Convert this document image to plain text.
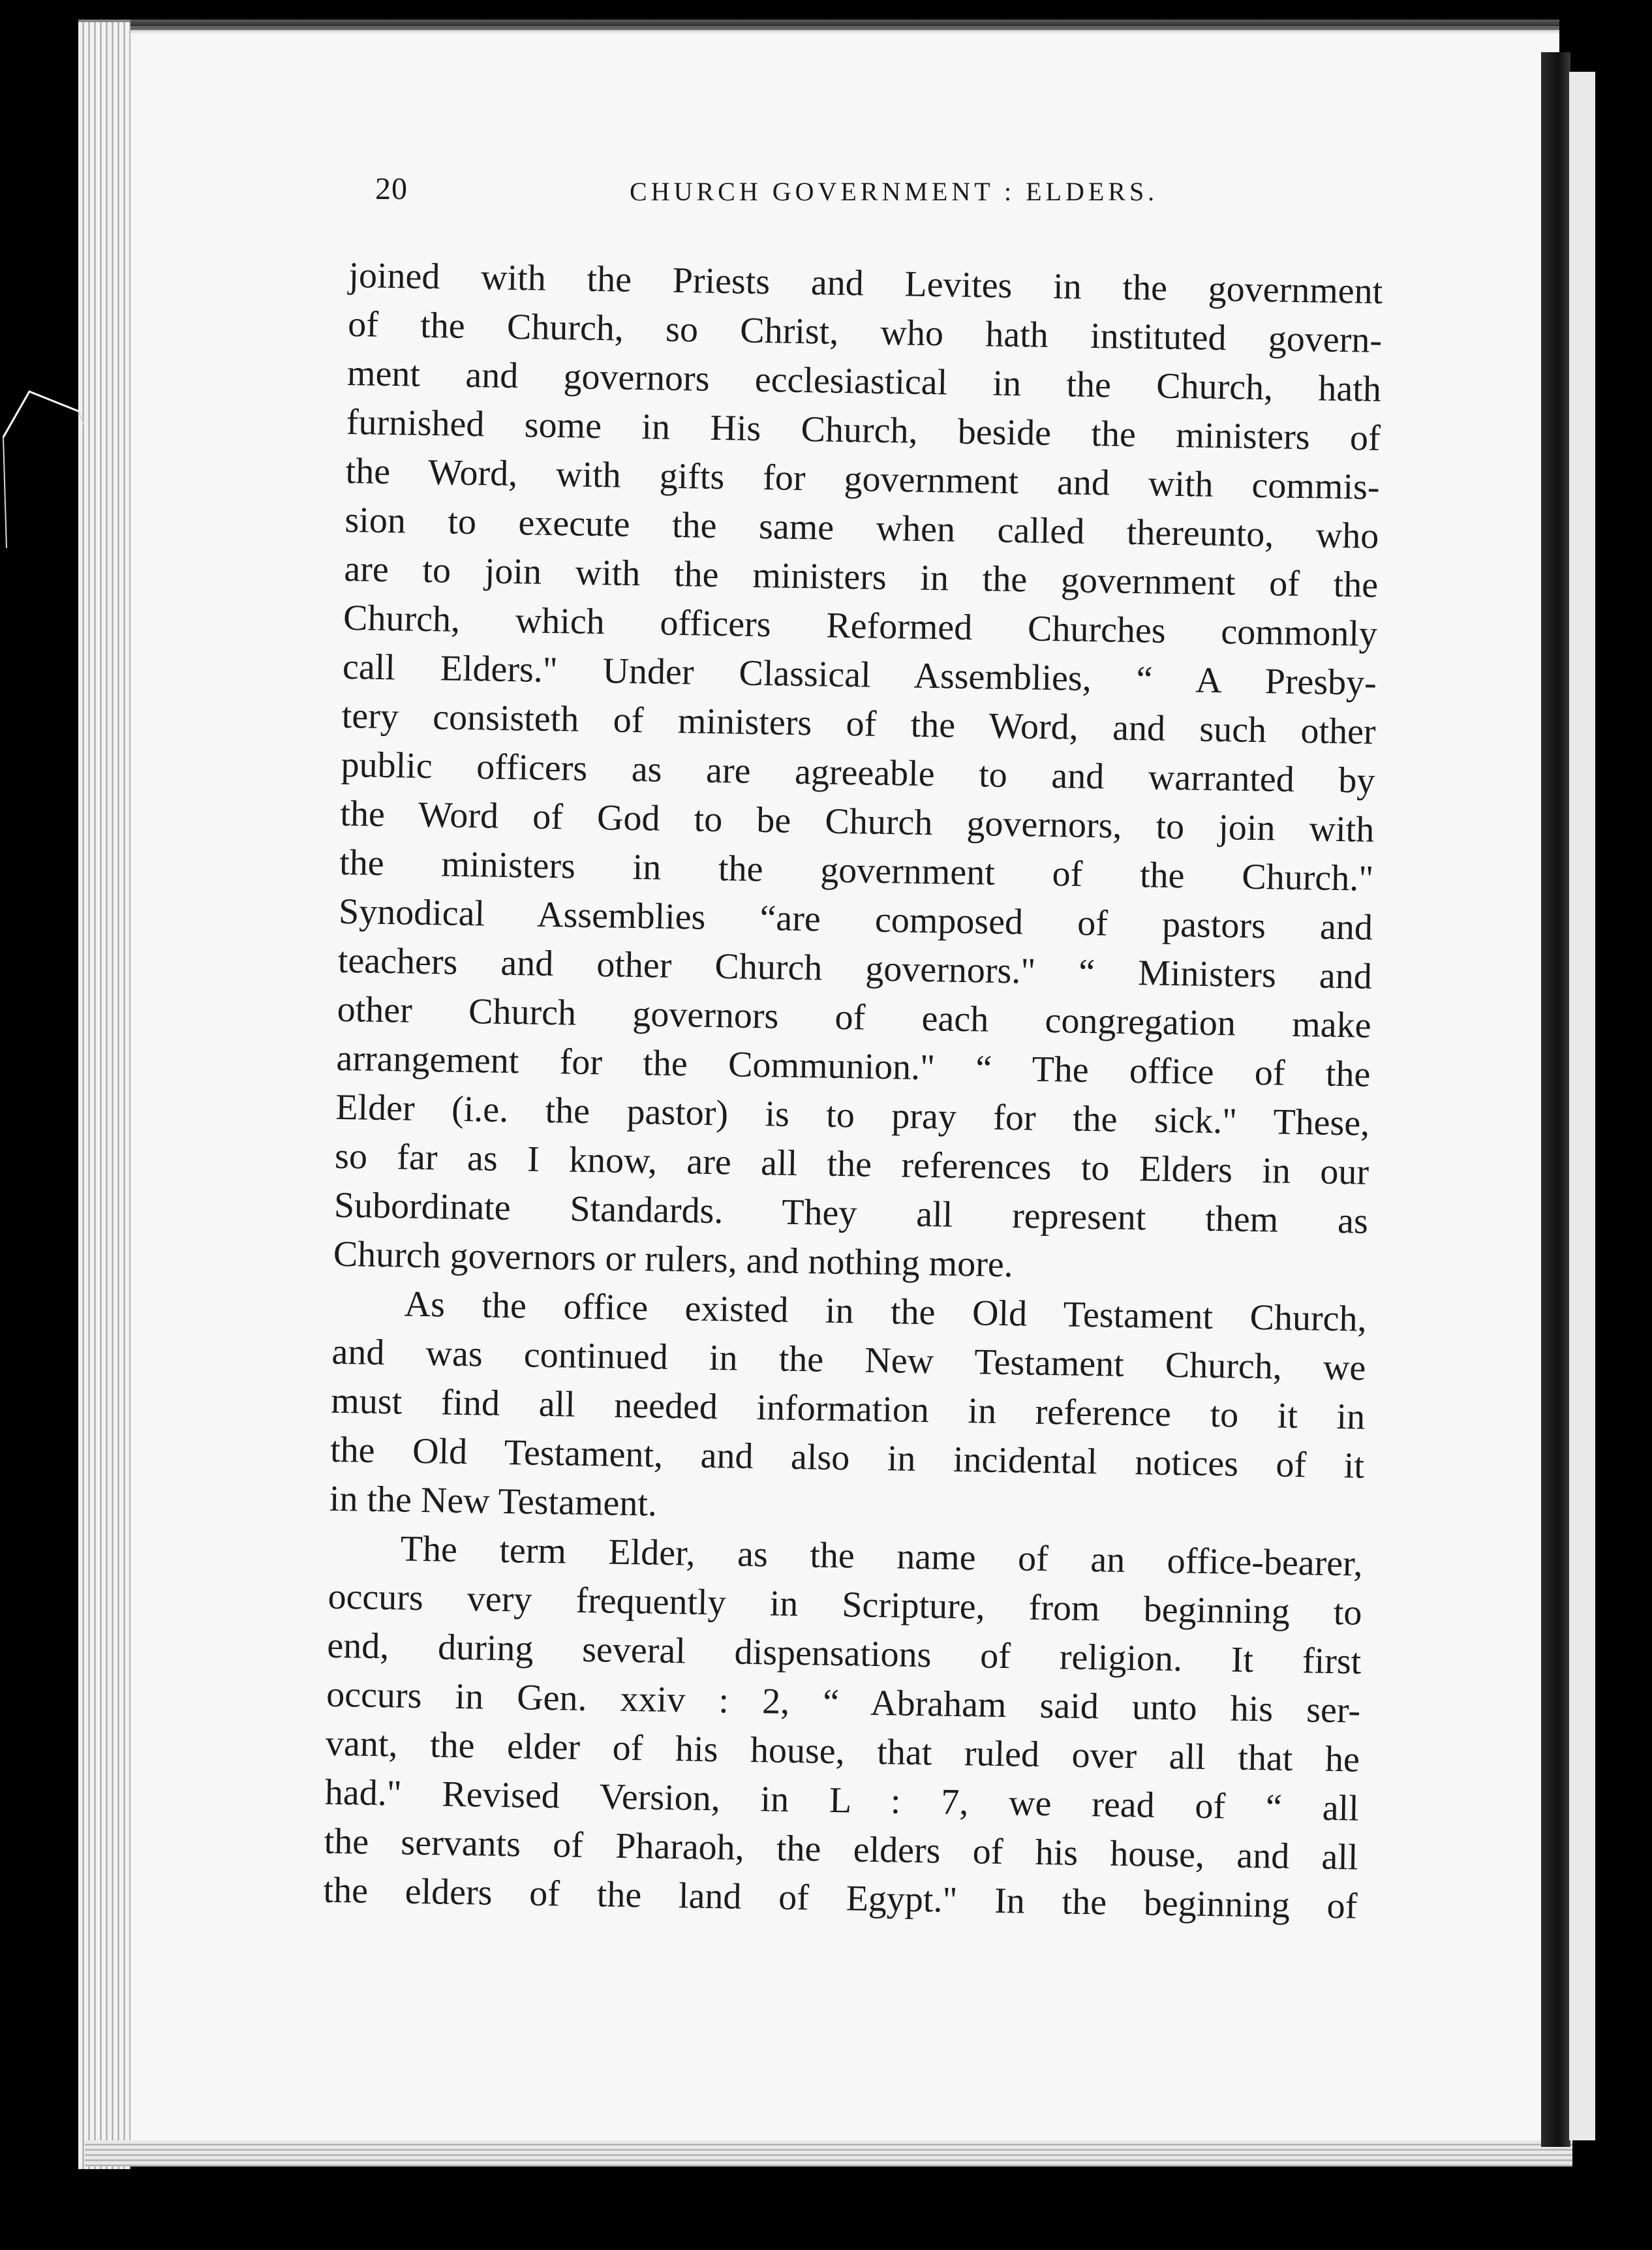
20	CHURCH GOVERNMENT : ELDERS.
joined with the Priests and Levites in the government
of the Church, so Christ, who hath instituted govern-
ment and governors ecclesiastical in the Church, hath
furnished some in His Church, beside the ministers of
the Word, with gifts for government and with commis-
sion to execute the same when called thereunto, who
are to join with the ministers in the government of the
Church, which officers Reformed Churches commonly
call Elders." Under Classical Assemblies, “ A Presby-
tery consisteth of ministers of the Word, and such other
public officers as are agreeable to and warranted by
the Word of God to be Church governors, to join with
the ministers in the government of the Church."
Synodical Assemblies “are composed of pastors and
teachers and other Church governors." “ Ministers and
other Church governors of each congregation make
arrangement for the Communion." “ The office of the
Elder (i.e. the pastor) is to pray for the sick." These,
so far as I know, are all the references to Elders in our
Subordinate Standards. They all represent them as
Church governors or rulers, and nothing more.
As the office existed in the Old Testament Church,
and was continued in the New Testament Church, we
must find all needed information in reference to it in
the Old Testament, and also in incidental notices of it
in the New Testament.
The term Elder, as the name of an office-bearer,
occurs very frequently in Scripture, from beginning to
end, during several dispensations of religion. It first
occurs in Gen. xxiv : 2, “ Abraham said unto his ser-
vant, the elder of his house, that ruled over all that he
had." Revised Version, in L : 7, we read of “ all
the servants of Pharaoh, the elders of his house, and all
the elders of the land of Egypt." In the beginning of
